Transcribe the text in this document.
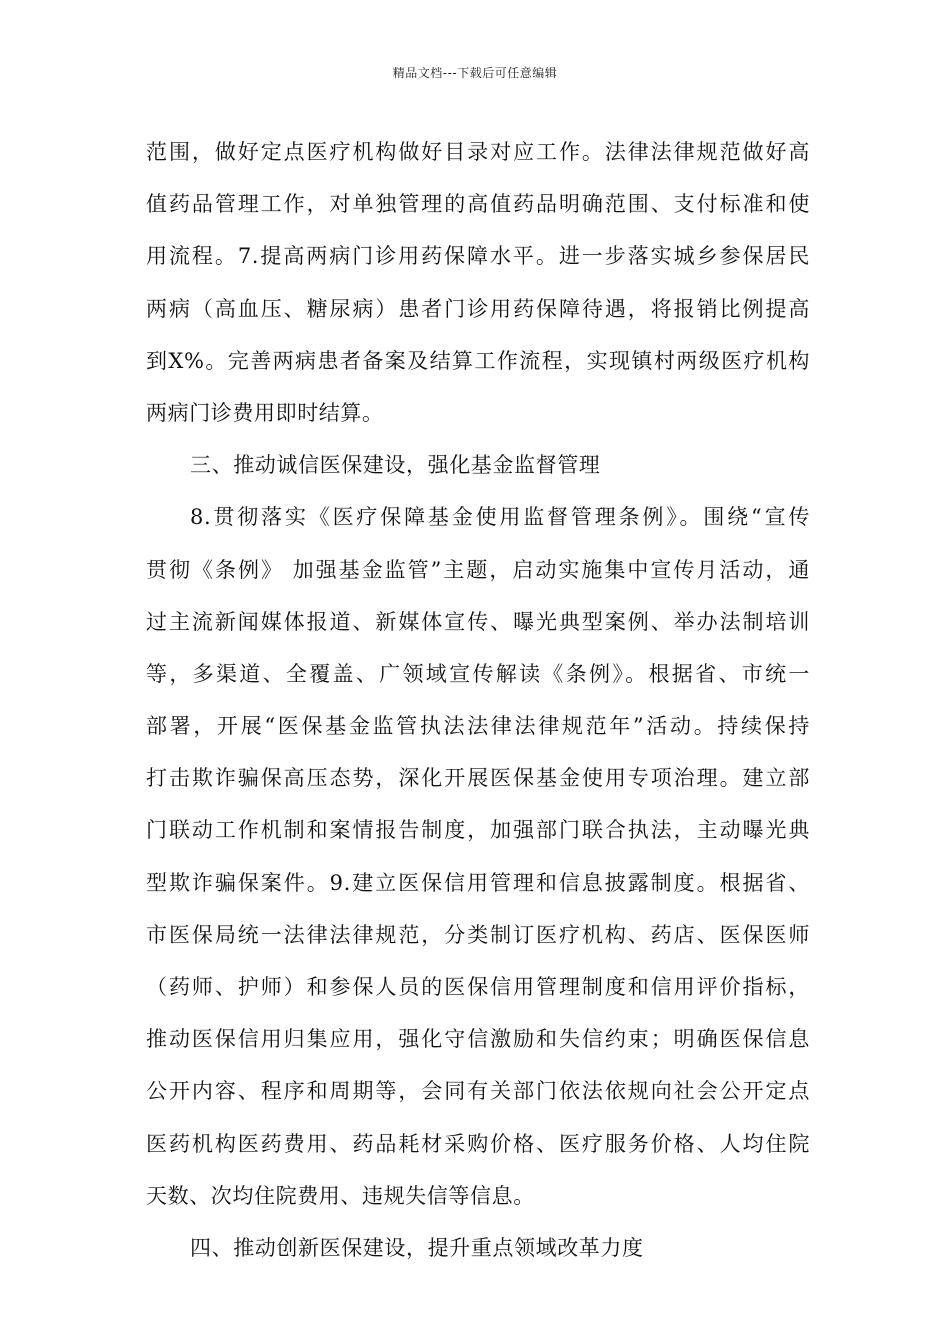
精品文档---下载后可任意编辑
范围，做好定点医疗机构做好目录对应工作。法律法律规范做好高
值药品管理工作，对单独管理的高值药品明确范围、支付标准和使
用流程。7.提高两病门诊用药保障水平。进一步落实城乡参保居民
两病（高血压、糖尿病）患者门诊用药保障待遇，将报销比例提高
到X%。完善两病患者备案及结算工作流程，实现镇村两级医疗机构
两病门诊费用即时结算。
三、推动诚信医保建设，强化基金监督管理
8.贯彻落实《医疗保障基金使用监督管理条例》。围绕“宣传
贯彻《条例》 加强基金监管”主题，启动实施集中宣传月活动，通
过主流新闻媒体报道、新媒体宣传、曝光典型案例、举办法制培训
等，多渠道、全覆盖、广领域宣传解读《条例》。根据省、市统一
部署，开展“医保基金监管执法法律法律规范年”活动。持续保持
打击欺诈骗保高压态势，深化开展医保基金使用专项治理。建立部
门联动工作机制和案情报告制度，加强部门联合执法，主动曝光典
型欺诈骗保案件。9.建立医保信用管理和信息披露制度。根据省、
市医保局统一法律法律规范，分类制订医疗机构、药店、医保医师
（药师、护师）和参保人员的医保信用管理制度和信用评价指标，
推动医保信用归集应用，强化守信激励和失信约束；明确医保信息
公开内容、程序和周期等，会同有关部门依法依规向社会公开定点
医药机构医药费用、药品耗材采购价格、医疗服务价格、人均住院
天数、次均住院费用、违规失信等信息。
四、推动创新医保建设，提升重点领域改革力度
